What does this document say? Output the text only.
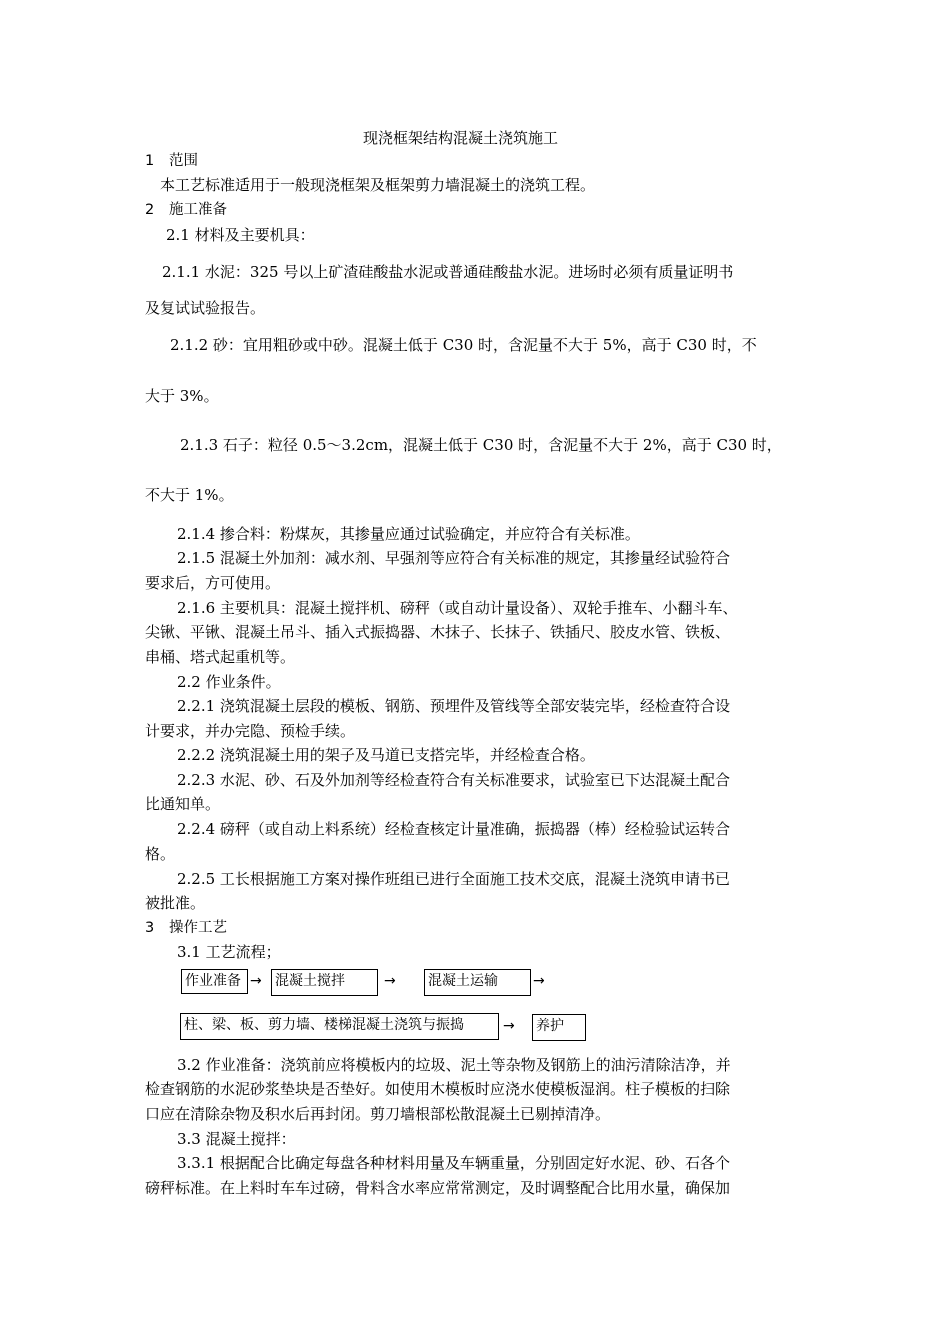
现浇框架结构混凝土浇筑施工
1 范围
本工艺标准适用于一般现浇框架及框架剪力墙混凝土的浇筑工程。
2 施工准备
2.1 材料及主要机具：
2.1.1 水泥：325 号以上矿渣硅酸盐水泥或普通硅酸盐水泥。进场时必须有质量证明书
及复试试验报告。
2.1.2 砂：宜用粗砂或中砂。混凝土低于 C30 时，含泥量不大于 5%，高于 C30 时，不
大于 3%。
2.1.3 石子：粒径 0.5～3.2cm，混凝土低于 C30 时，含泥量不大于 2%，高于 C30 时，
不大于 1%。
2.1.4 掺合料：粉煤灰，其掺量应通过试验确定，并应符合有关标准。
2.1.5 混凝土外加剂：减水剂、早强剂等应符合有关标准的规定，其掺量经试验符合
要求后，方可使用。
2.1.6 主要机具：混凝土搅拌机、磅秤（或自动计量设备）、双轮手推车、小翻斗车、
尖锹、平锹、混凝土吊斗、插入式振捣器、木抹子、长抹子、铁插尺、胶皮水管、铁板、
串桶、塔式起重机等。
2.2 作业条件。
2.2.1 浇筑混凝土层段的模板、钢筋、预埋件及管线等全部安装完毕，经检查符合设
计要求，并办完隐、预检手续。
2.2.2 浇筑混凝土用的架子及马道已支搭完毕，并经检查合格。
2.2.3 水泥、砂、石及外加剂等经检查符合有关标准要求，试验室已下达混凝土配合
比通知单。
2.2.4 磅秤（或自动上料系统）经检查核定计量准确，振捣器（棒）经检验试运转合
格。
2.2.5 工长根据施工方案对操作班组已进行全面施工技术交底，混凝土浇筑申请书已
被批准。
3 操作工艺
3.1 工艺流程；
作业准备 → 混凝土搅拌	→ 混凝土运输	→
柱、梁、板、剪力墙、楼梯混凝土浇筑与振捣	→ 养护
3.2 作业准备：浇筑前应将模板内的垃圾、泥土等杂物及钢筋上的油污清除洁净，并
检查钢筋的水泥砂浆垫块是否垫好。如使用木模板时应浇水使模板湿润。柱子模板的扫除
口应在清除杂物及积水后再封闭。剪刀墙根部松散混凝土已剔掉清净。
3.3 混凝土搅拌：
3.3.1 根据配合比确定每盘各种材料用量及车辆重量，分别固定好水泥、砂、石各个
磅秤标准。在上料时车车过磅，骨料含水率应常常测定，及时调整配合比用水量，确保加
